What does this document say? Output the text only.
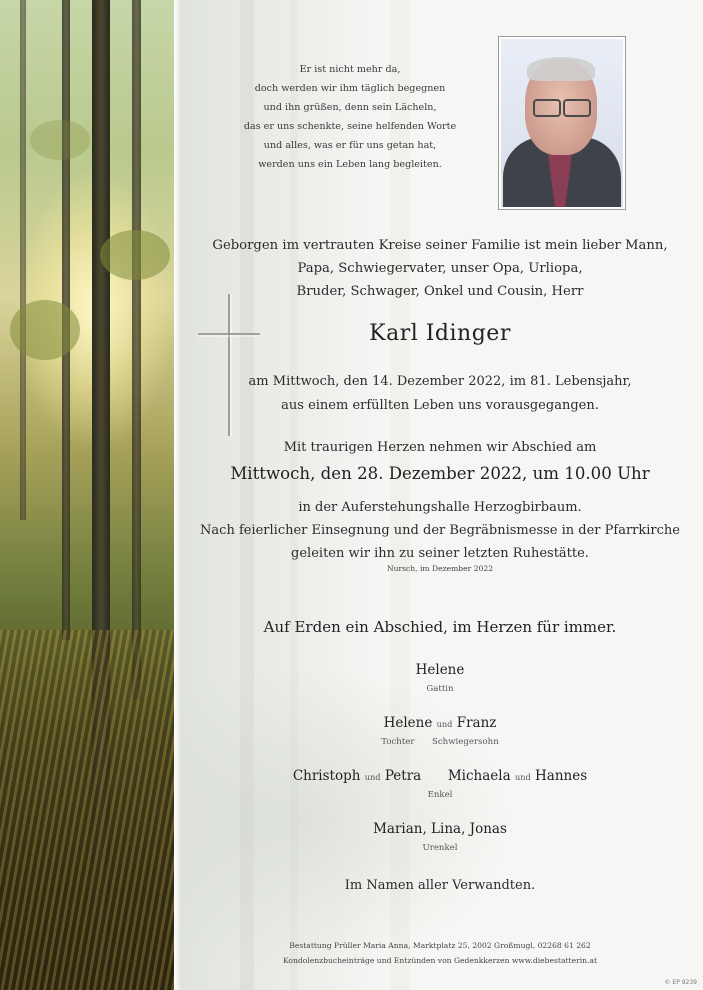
Er ist nicht mehr da,
doch werden wir ihm täglich begegnen
und ihn grüßen, denn sein Lächeln,
das er uns schenkte, seine helfenden Worte
und alles, was er für uns getan hat,
werden uns ein Leben lang begleiten.
Geborgen im vertrauten Kreise seiner Familie ist mein lieber Mann,
Papa, Schwiegervater, unser Opa, Urliopa,
Bruder, Schwager, Onkel und Cousin, Herr
Karl Idinger
am Mittwoch, den 14. Dezember 2022, im 81. Lebensjahr,
aus einem erfüllten Leben uns vorausgegangen.
Mit traurigen Herzen nehmen wir Abschied am
Mittwoch, den 28. Dezember 2022, um 10.00 Uhr
in der Auferstehungshalle Herzogbirbaum.
Nach feierlicher Einsegnung und der Begräbnismesse in der Pfarrkirche
geleiten wir ihn zu seiner letzten Ruhestätte.
Nursch, im Dezember 2022
Auf Erden ein Abschied, im Herzen für immer.
Helene
Gattin
Helene und Franz
Tochter Schwiegersohn
Christoph und Petra Michaela und Hannes
Enkel
Marian, Lina, Jonas
Urenkel
Im Namen aller Verwandten.
Bestattung Prüller Maria Anna, Marktplatz 25, 2002 Großmugl, 02268 61 262
Kondolenzbucheinträge und Entzünden von Gedenkkerzen www.diebestatterin.at
© EP 9239
